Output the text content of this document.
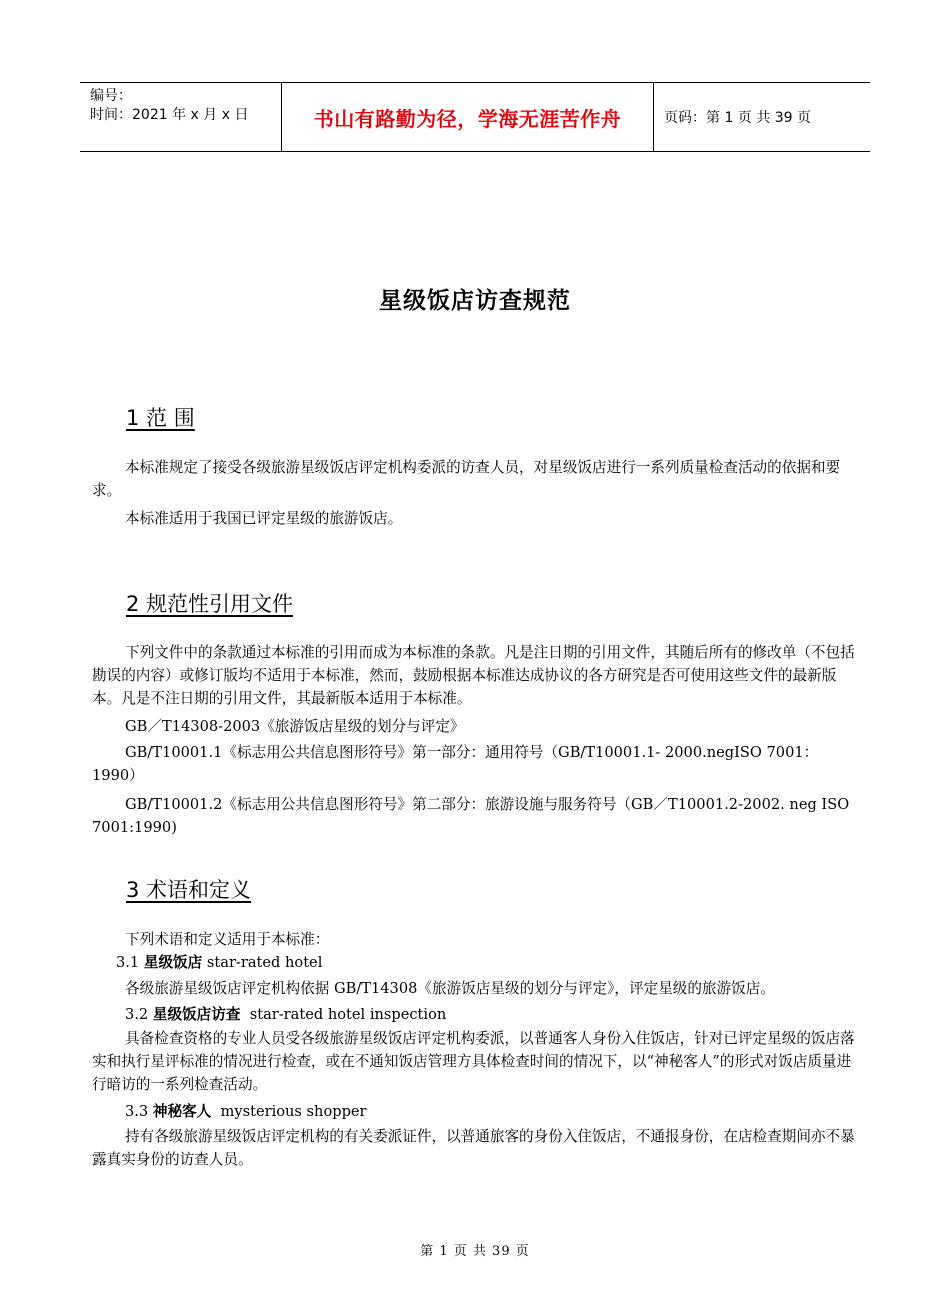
编号：
时间：2021 年 x 月 x 日	书山有路勤为径，学海无涯苦作舟	页码：第 1 页 共 39 页
星级饭店访查规范
1 范 围
本标准规定了接受各级旅游星级饭店评定机构委派的访查人员，对星级饭店进行一系列质量检查活动的依据和要求。
本标准适用于我国已评定星级的旅游饭店。
2 规范性引用文件
下列文件中的条款通过本标准的引用而成为本标准的条款。凡是注日期的引用文件，其随后所有的修改单（不包括勘误的内容）或修订版均不适用于本标准，然而，鼓励根据本标准达成协议的各方研究是否可使用这些文件的最新版本。凡是不注日期的引用文件，其最新版本适用于本标准。
GB／T14308-2003《旅游饭店星级的划分与评定》
GB/T10001.1《标志用公共信息图形符号》第一部分：通用符号（GB/T10001.1- 2000.negISO 7001：1990）
GB/T10001.2《标志用公共信息图形符号》第二部分：旅游设施与服务符号（GB／T10001.2-2002. neg ISO 7001:1990)
3 术语和定义
下列术语和定义适用于本标准：
3.1 星级饭店 star-rated hotel
各级旅游星级饭店评定机构依据 GB/T14308《旅游饭店星级的划分与评定》，评定星级的旅游饭店。
3.2 星级饭店访查 star-rated hotel inspection
具备检查资格的专业人员受各级旅游星级饭店评定机构委派，以普通客人身份入住饭店，针对已评定星级的饭店落实和执行星评标准的情况进行检查，或在不通知饭店管理方具体检查时间的情况下，以“神秘客人”的形式对饭店质量进行暗访的一系列检查活动。
3.3 神秘客人 mysterious shopper
持有各级旅游星级饭店评定机构的有关委派证件，以普通旅客的身份入住饭店，不通报身份，在店检查期间亦不暴露真实身份的访查人员。
第 1 页 共 39 页
